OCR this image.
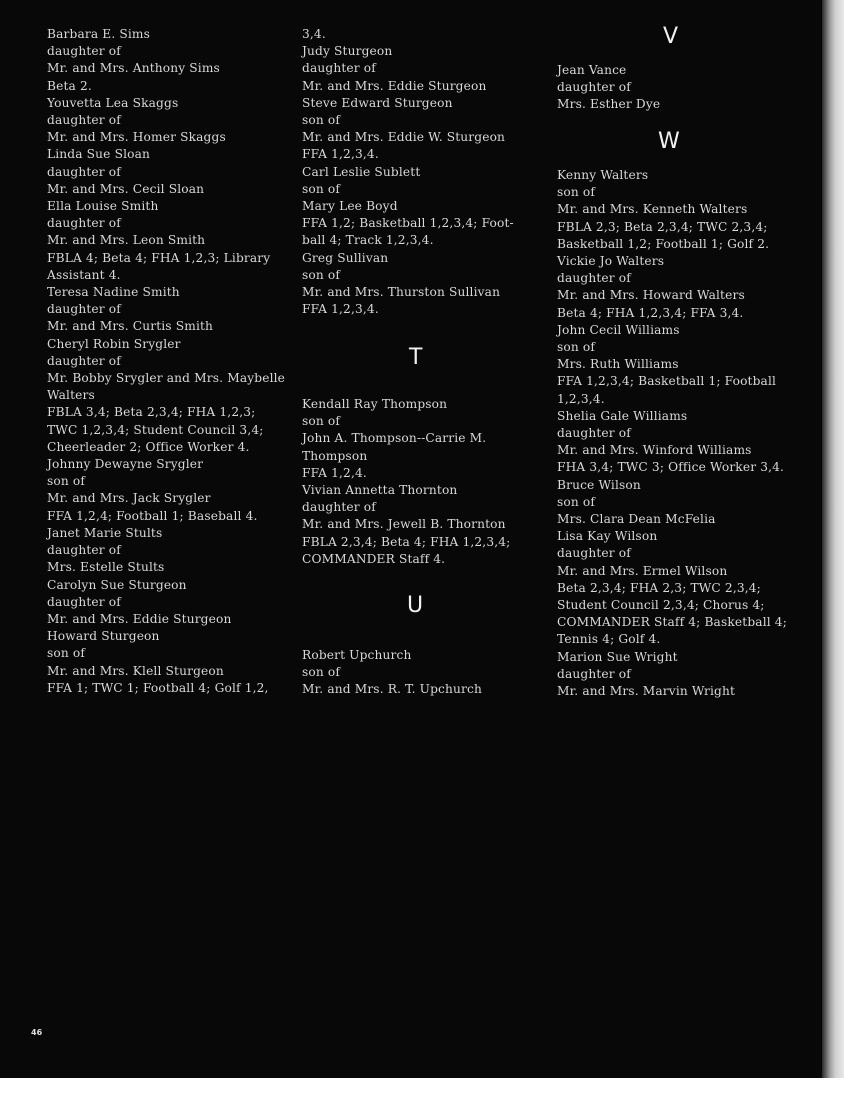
Barbara E. Sims
daughter of
Mr. and Mrs. Anthony Sims
Beta 2.
Youvetta Lea Skaggs
daughter of
Mr. and Mrs. Homer Skaggs
Linda Sue Sloan
daughter of
Mr. and Mrs. Cecil Sloan
Ella Louise Smith
daughter of
Mr. and Mrs. Leon Smith
FBLA 4; Beta 4; FHA 1,2,3; Library
Assistant 4.
Teresa Nadine Smith
daughter of
Mr. and Mrs. Curtis Smith
Cheryl Robin Srygler
daughter of
Mr. Bobby Srygler and Mrs. Maybelle
Walters
FBLA 3,4; Beta 2,3,4; FHA 1,2,3;
TWC 1,2,3,4; Student Council 3,4;
Cheerleader 2; Office Worker 4.
Johnny Dewayne Srygler
son of
Mr. and Mrs. Jack Srygler
FFA 1,2,4; Football 1; Baseball 4.
Janet Marie Stults
daughter of
Mrs. Estelle Stults
Carolyn Sue Sturgeon
daughter of
Mr. and Mrs. Eddie Sturgeon
Howard Sturgeon
son of
Mr. and Mrs. Klell Sturgeon
FFA 1; TWC 1; Football 4; Golf 1,2,
3,4.
Judy Sturgeon
daughter of
Mr. and Mrs. Eddie Sturgeon
Steve Edward Sturgeon
son of
Mr. and Mrs. Eddie W. Sturgeon
FFA 1,2,3,4.
Carl Leslie Sublett
son of
Mary Lee Boyd
FFA 1,2; Basketball 1,2,3,4; Foot-
ball 4; Track 1,2,3,4.
Greg Sullivan
son of
Mr. and Mrs. Thurston Sullivan
FFA 1,2,3,4.
T
Kendall Ray Thompson
son of
John A. Thompson--Carrie M.
Thompson
FFA 1,2,4.
Vivian Annetta Thornton
daughter of
Mr. and Mrs. Jewell B. Thornton
FBLA 2,3,4; Beta 4; FHA 1,2,3,4;
COMMANDER Staff 4.
U
Robert Upchurch
son of
Mr. and Mrs. R. T. Upchurch
V
Jean Vance
daughter of
Mrs. Esther Dye
W
Kenny Walters
son of
Mr. and Mrs. Kenneth Walters
FBLA 2,3; Beta 2,3,4; TWC 2,3,4;
Basketball 1,2; Football 1; Golf 2.
Vickie Jo Walters
daughter of
Mr. and Mrs. Howard Walters
Beta 4; FHA 1,2,3,4; FFA 3,4.
John Cecil Williams
son of
Mrs. Ruth Williams
FFA 1,2,3,4; Basketball 1; Football
1,2,3,4.
Shelia Gale Williams
daughter of
Mr. and Mrs. Winford Williams
FHA 3,4; TWC 3; Office Worker 3,4.
Bruce Wilson
son of
Mrs. Clara Dean McFelia
Lisa Kay Wilson
daughter of
Mr. and Mrs. Ermel Wilson
Beta 2,3,4; FHA 2,3; TWC 2,3,4;
Student Council 2,3,4; Chorus 4;
COMMANDER Staff 4; Basketball 4;
Tennis 4; Golf 4.
Marion Sue Wright
daughter of
Mr. and Mrs. Marvin Wright
46
